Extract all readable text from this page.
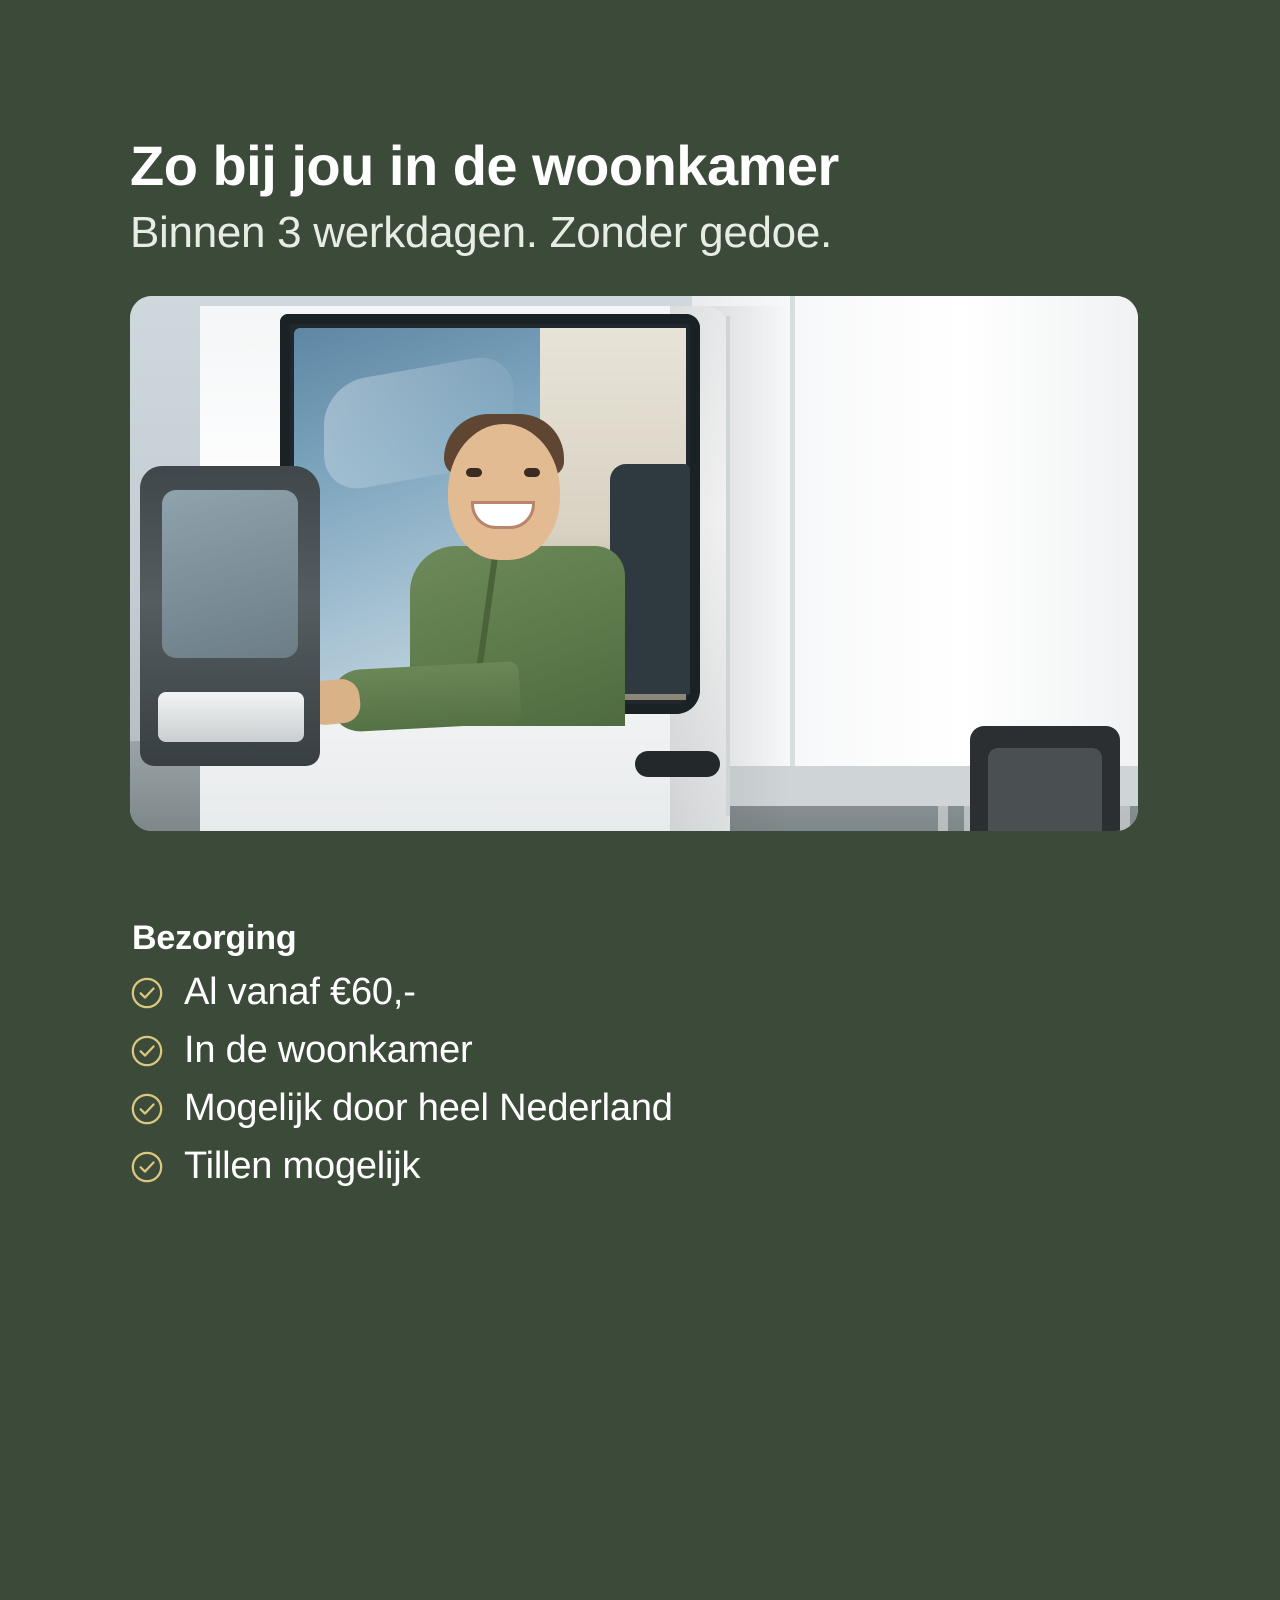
Zo bij jou in de woonkamer

Binnen 3 werkdagen. Zonder gedoe.

Bezorging
Al vanaf €60,-
In de woonkamer
Mogelijk door heel Nederland
Tillen mogelijk
